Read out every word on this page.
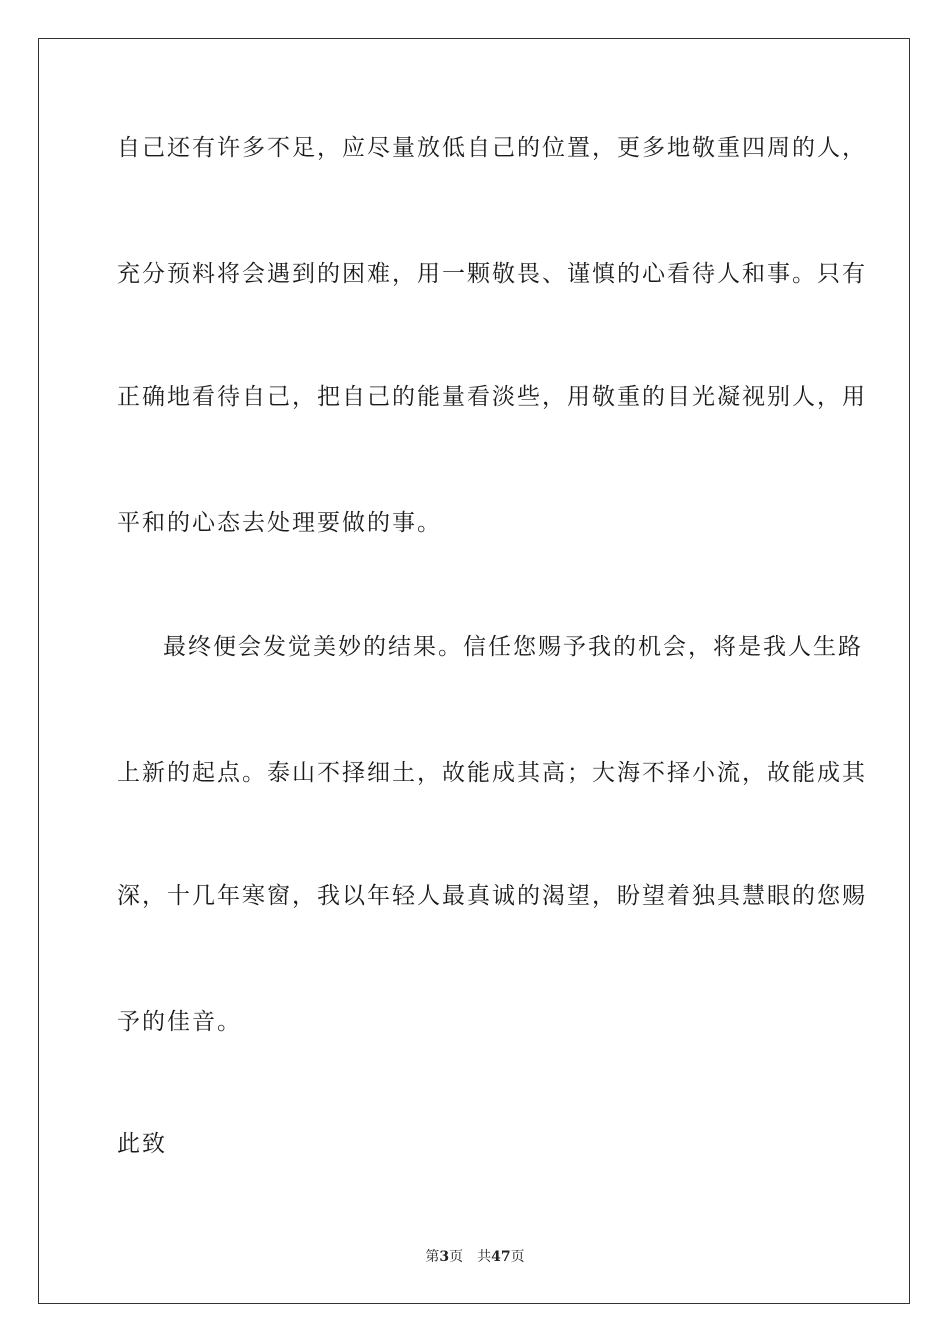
自己还有许多不足，应尽量放低自己的位置，更多地敬重四周的人，
充分预料将会遇到的困难，用一颗敬畏、谨慎的心看待人和事。只有
正确地看待自己，把自己的能量看淡些，用敬重的目光凝视别人，用
平和的心态去处理要做的事。
最终便会发觉美妙的结果。信任您赐予我的机会，将是我人生路
上新的起点。泰山不择细土，故能成其高；大海不择小流，故能成其
深，十几年寒窗，我以年轻人最真诚的渴望，盼望着独具慧眼的您赐
予的佳音。
此致
第3页 共47页
